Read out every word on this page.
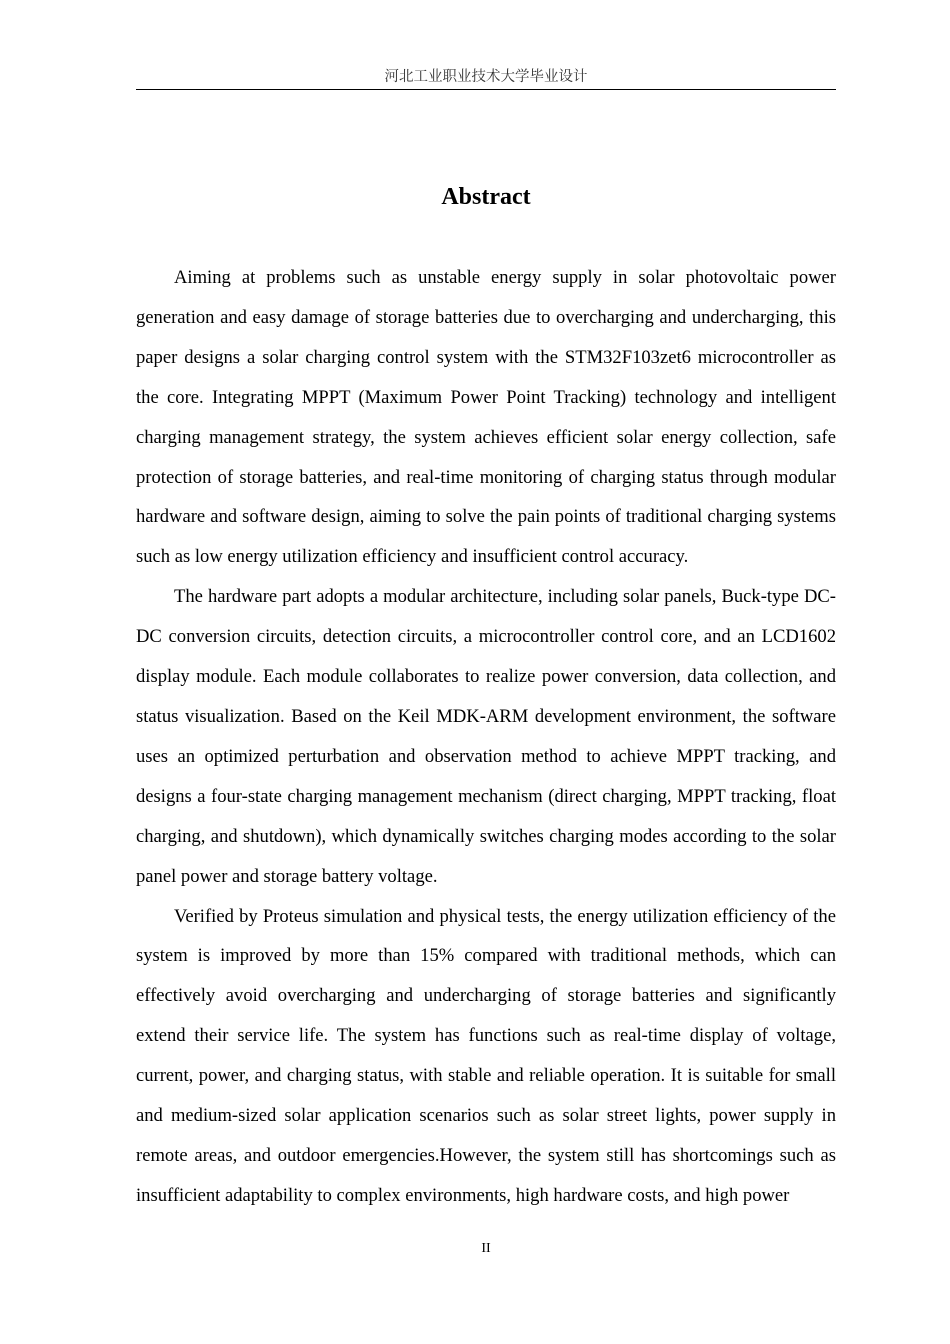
河北工业职业技术大学毕业设计
Abstract

Aiming at problems such as unstable energy supply in solar photovoltaic power generation and easy damage of storage batteries due to overcharging and undercharging, this paper designs a solar charging control system with the STM32F103zet6 microcontroller as the core. Integrating MPPT (Maximum Power Point Tracking) technology and intelligent charging management strategy, the system achieves efficient solar energy collection, safe protection of storage batteries, and real-time monitoring of charging status through modular hardware and software design, aiming to solve the pain points of traditional charging systems such as low energy utilization efficiency and insufficient control accuracy.

The hardware part adopts a modular architecture, including solar panels, Buck-type DC-DC conversion circuits, detection circuits, a microcontroller control core, and an LCD1602 display module. Each module collaborates to realize power conversion, data collection, and status visualization. Based on the Keil MDK-ARM development environment, the software uses an optimized perturbation and observation method to achieve MPPT tracking, and designs a four-state charging management mechanism (direct charging, MPPT tracking, float charging, and shutdown), which dynamically switches charging modes according to the solar panel power and storage battery voltage.

Verified by Proteus simulation and physical tests, the energy utilization efficiency of the system is improved by more than 15% compared with traditional methods, which can effectively avoid overcharging and undercharging of storage batteries and significantly extend their service life. The system has functions such as real-time display of voltage, current, power, and charging status, with stable and reliable operation. It is suitable for small and medium-sized solar application scenarios such as solar street lights, power supply in remote areas, and outdoor emergencies.However, the system still has shortcomings such as insufficient adaptability to complex environments, high hardware costs, and high power

II
